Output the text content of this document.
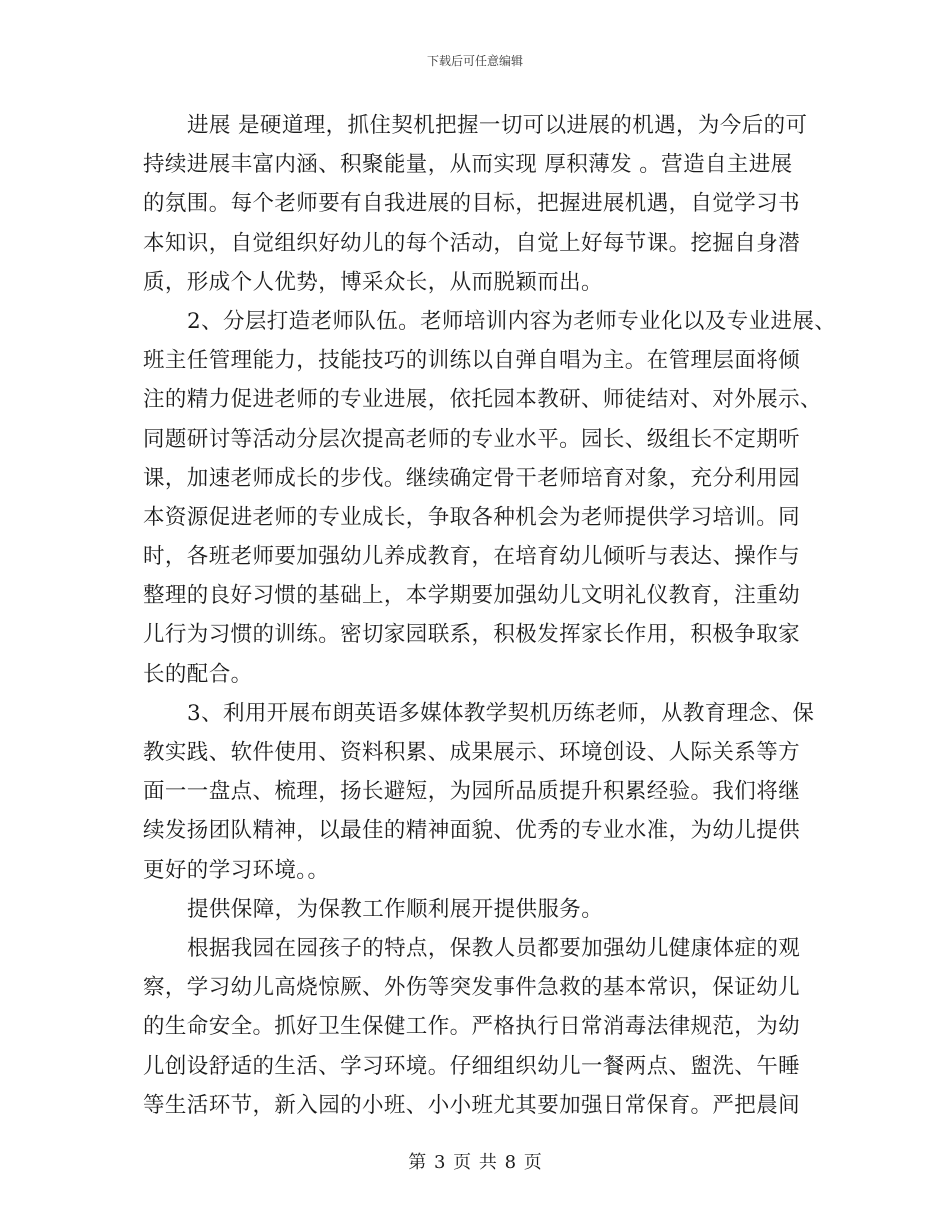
下载后可任意编辑
进展 是硬道理，抓住契机把握一切可以进展的机遇，为今后的可
持续进展丰富内涵、积聚能量，从而实现 厚积薄发 。营造自主进展
的氛围。每个老师要有自我进展的目标，把握进展机遇，自觉学习书
本知识，自觉组织好幼儿的每个活动，自觉上好每节课。挖掘自身潜
质，形成个人优势，博采众长，从而脱颖而出。
2、分层打造老师队伍。老师培训内容为老师专业化以及专业进展、
班主任管理能力，技能技巧的训练以自弹自唱为主。在管理层面将倾
注的精力促进老师的专业进展，依托园本教研、师徒结对、对外展示、
同题研讨等活动分层次提高老师的专业水平。园长、级组长不定期听
课，加速老师成长的步伐。继续确定骨干老师培育对象，充分利用园
本资源促进老师的专业成长，争取各种机会为老师提供学习培训。同
时，各班老师要加强幼儿养成教育，在培育幼儿倾听与表达、操作与
整理的良好习惯的基础上，本学期要加强幼儿文明礼仪教育，注重幼
儿行为习惯的训练。密切家园联系，积极发挥家长作用，积极争取家
长的配合。
3、利用开展布朗英语多媒体教学契机历练老师，从教育理念、保
教实践、软件使用、资料积累、成果展示、环境创设、人际关系等方
面一一盘点、梳理，扬长避短，为园所品质提升积累经验。我们将继
续发扬团队精神，以最佳的精神面貌、优秀的专业水准，为幼儿提供
更好的学习环境。。
提供保障，为保教工作顺利展开提供服务。
根据我园在园孩子的特点，保教人员都要加强幼儿健康体症的观
察，学习幼儿高烧惊厥、外伤等突发事件急救的基本常识，保证幼儿
的生命安全。抓好卫生保健工作。严格执行日常消毒法律规范，为幼
儿创设舒适的生活、学习环境。仔细组织幼儿一餐两点、盥洗、午睡
等生活环节，新入园的小班、小小班尤其要加强日常保育。严把晨间
第 3 页 共 8 页
